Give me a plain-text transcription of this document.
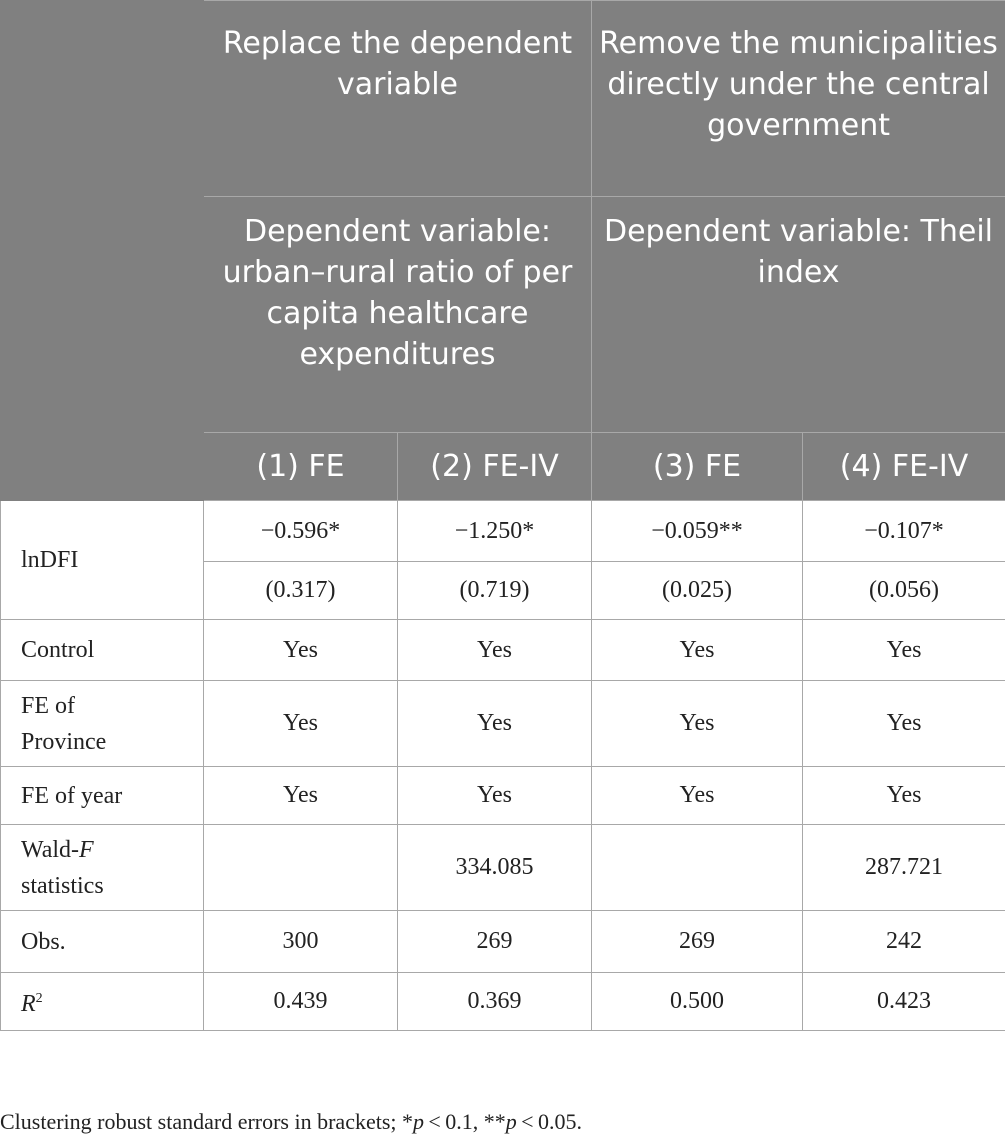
	Replace the dependent variable		Remove the municipalities directly under the central government	
	Dependent variable: urban–rural ratio of per capita healthcare expenditures		Dependent variable: Theil index	
	(1) FE	(2) FE-IV	(3) FE	(4) FE-IV
lnDFI	−0.596*	−1.250*	−0.059**	−0.107*
	(0.317)	(0.719)	(0.025)	(0.056)
Control	Yes	Yes	Yes	Yes
FE of
Province	Yes	Yes	Yes	Yes
FE of year	Yes	Yes	Yes	Yes
Wald-F
statistics		334.085		287.721
Obs.	300	269	269	242
$R^2$	0.439	0.369	0.500	0.423
Clustering robust standard errors in brackets; *p < 0.1, **p < 0.05.
